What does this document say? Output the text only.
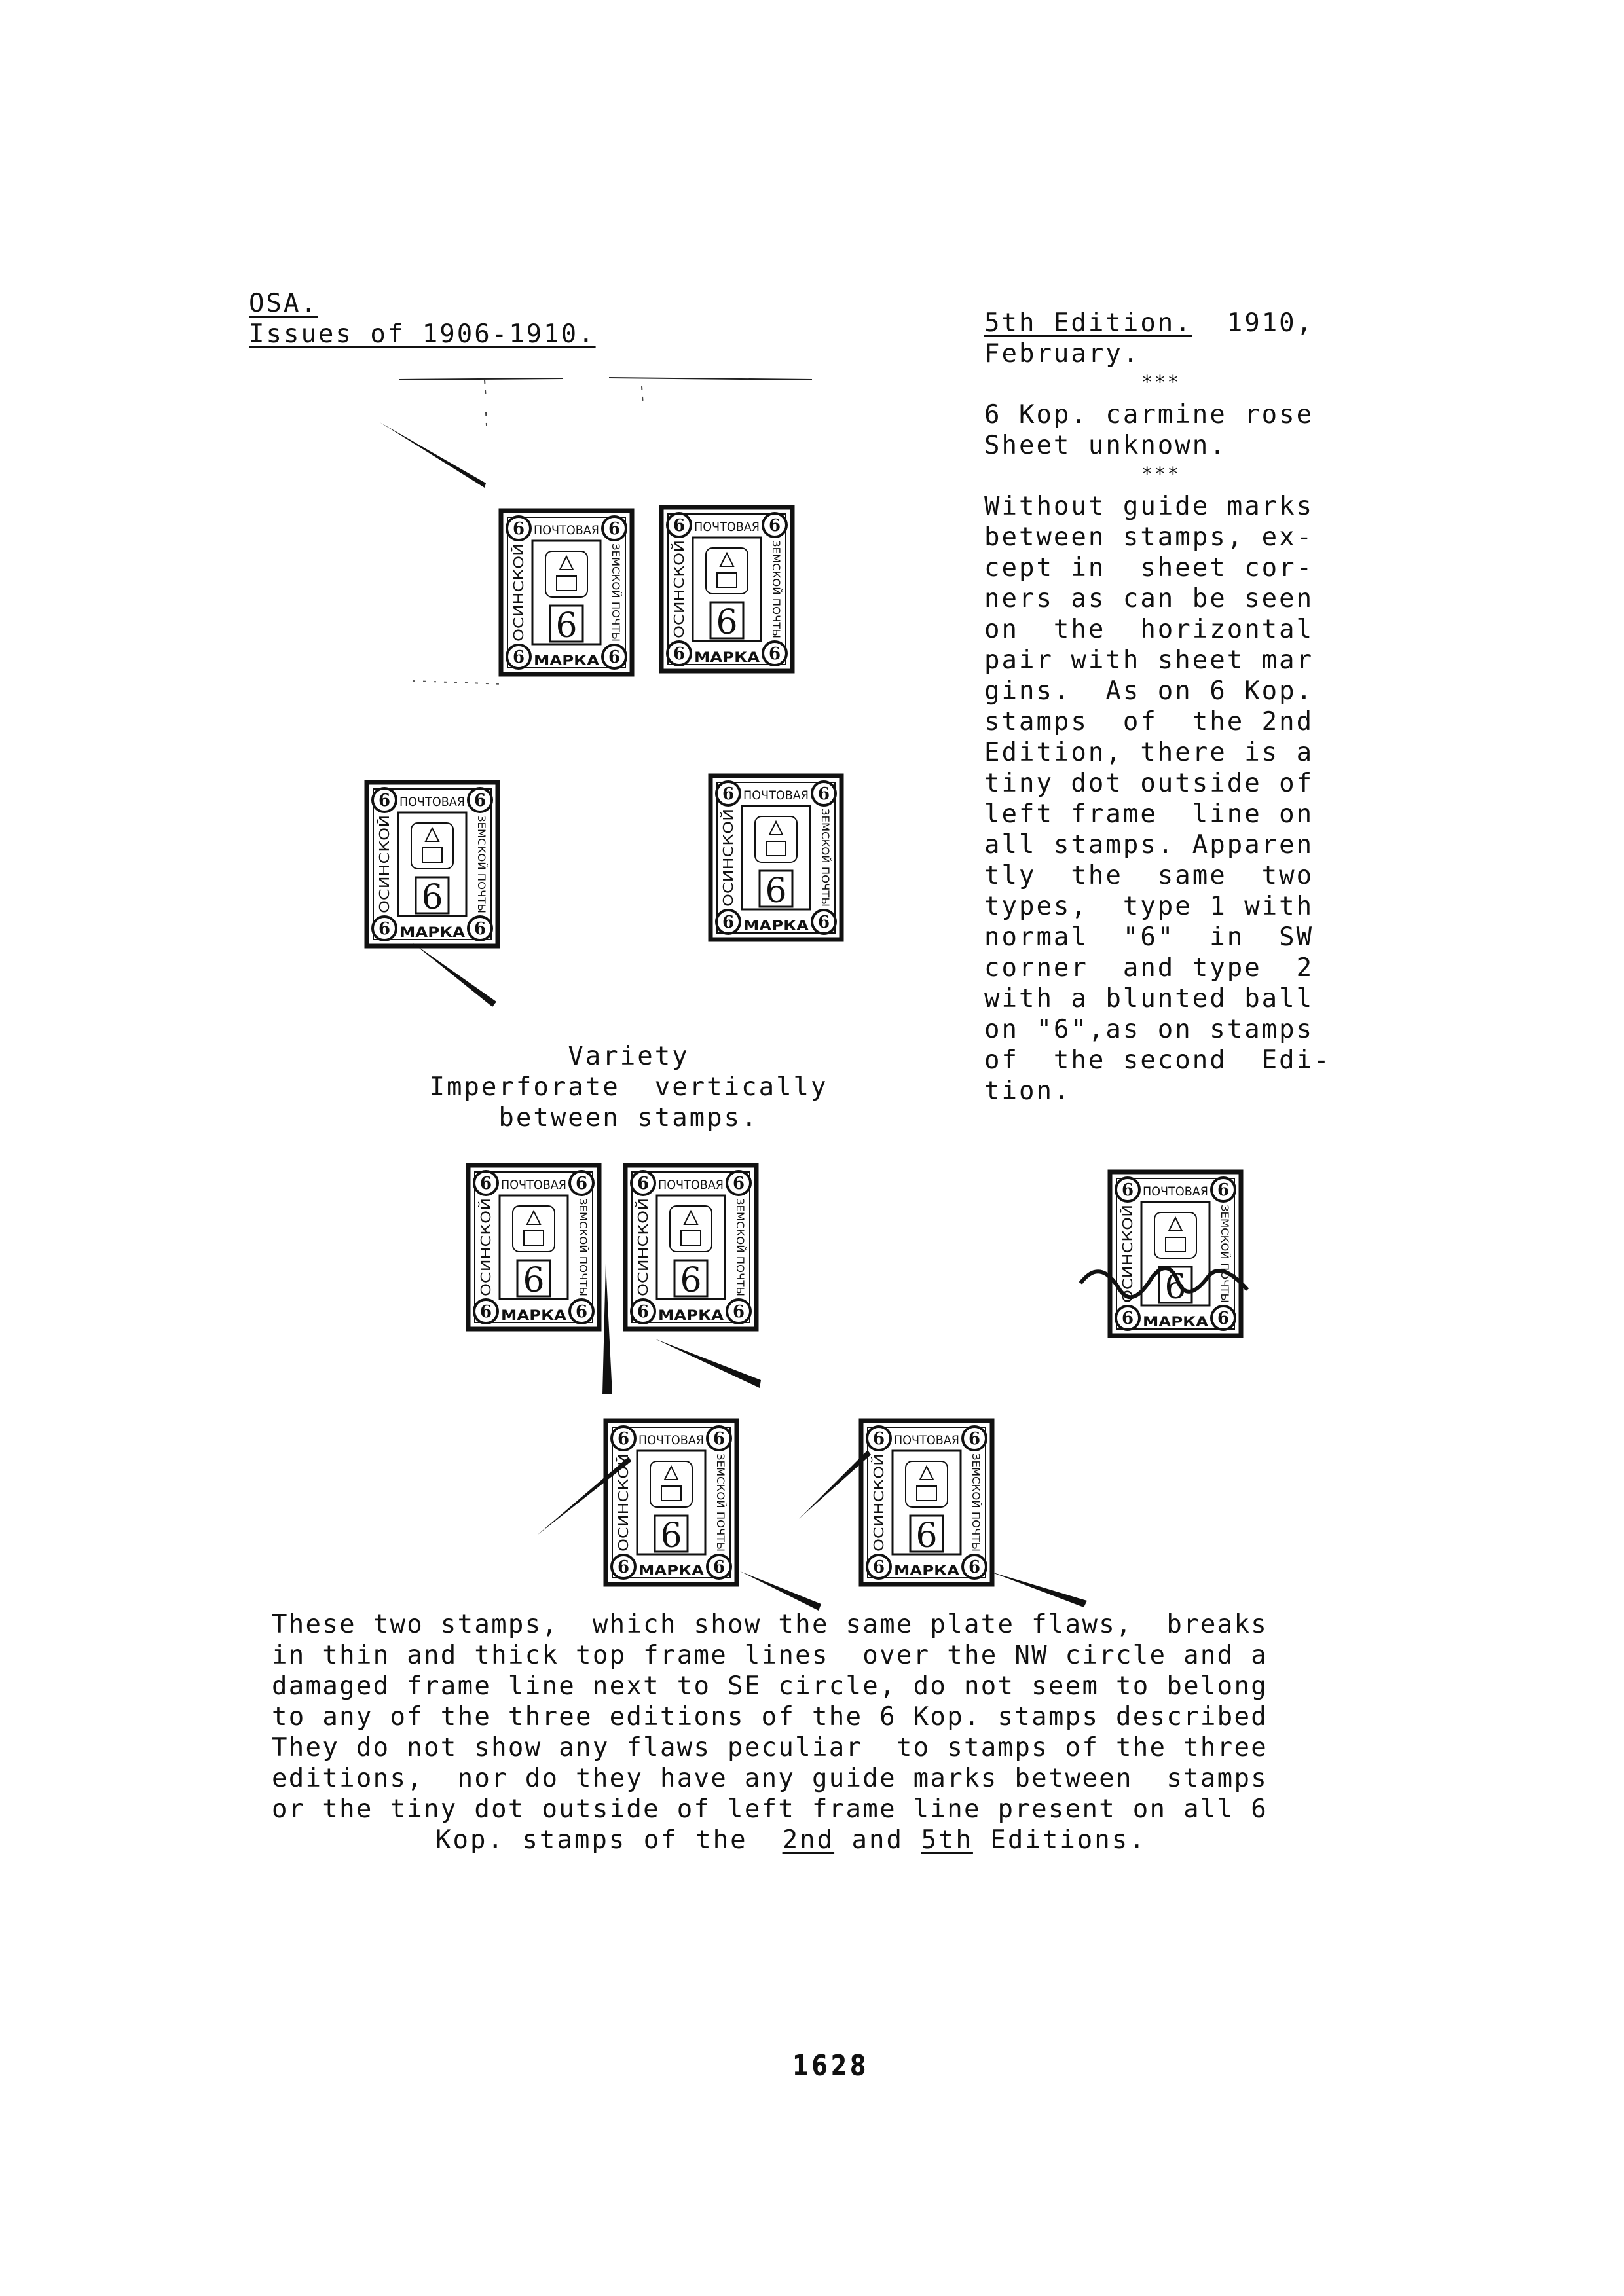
OSA.
Issues of 1906-1910.	5th Edition. 1910,
February.
***
6 Kop. carmine rose
Sheet unknown.
***
Without guide marks
between stamps, ex-
cept in  sheet cor-
ners as can be seen
on  the  horizontal
pair with sheet mar
gins.  As on 6 Kop.
stamps  of  the 2nd
Edition, there is a
tiny dot outside of
left frame  line on
all stamps. Apparen
tly  the  same  two
types,  type 1 with
normal  "6"  in  SW
corner  and type  2
with a blunted ball
on "6",as on stamps
of  the second  Edi-
tion.
Variety
Imperforate  vertically
between stamps.
These two stamps,  which show the same plate flaws,  breaks
in thin and thick top frame lines  over the NW circle and a
damaged frame line next to SE circle, do not seem to belong
to any of the three editions of the 6 Kop. stamps described
They do not show any flaws peculiar  to stamps of the three
editions,  nor do they have any guide marks between  stamps
or the tiny dot outside of left frame line present on all 6
Kop. stamps of the  2nd and 5th Editions.
6	6
6	6
ПОЧТОВАЯ
МАРКА
ОСИНСКОЙ	ЗЕМСКОЙ ПОЧТЫ
6
6	6
6	6
ПОЧТОВАЯ
МАРКА
ОСИНСКОЙ	ЗЕМСКОЙ ПОЧТЫ
6
6	6
6	6
ПОЧТОВАЯ
МАРКА
ОСИНСКОЙ	ЗЕМСКОЙ ПОЧТЫ
6
6	6
6	6
ПОЧТОВАЯ
МАРКА
ОСИНСКОЙ	ЗЕМСКОЙ ПОЧТЫ
6
6	6
6	6
ПОЧТОВАЯ
МАРКА
ОСИНСКОЙ	ЗЕМСКОЙ ПОЧТЫ
6
6	6
6	6
ПОЧТОВАЯ
МАРКА
ОСИНСКОЙ	ЗЕМСКОЙ ПОЧТЫ
6
6	6
6	6
ПОЧТОВАЯ
МАРКА
ОСИНСКОЙ	ЗЕМСКОЙ ПОЧТЫ
6
6	6
6	6
ПОЧТОВАЯ
МАРКА
ОСИНСКОЙ	ЗЕМСКОЙ ПОЧТЫ
6
6	6
6	6
ПОЧТОВАЯ
МАРКА
ОСИНСКОЙ	ЗЕМСКОЙ ПОЧТЫ
6
1628
